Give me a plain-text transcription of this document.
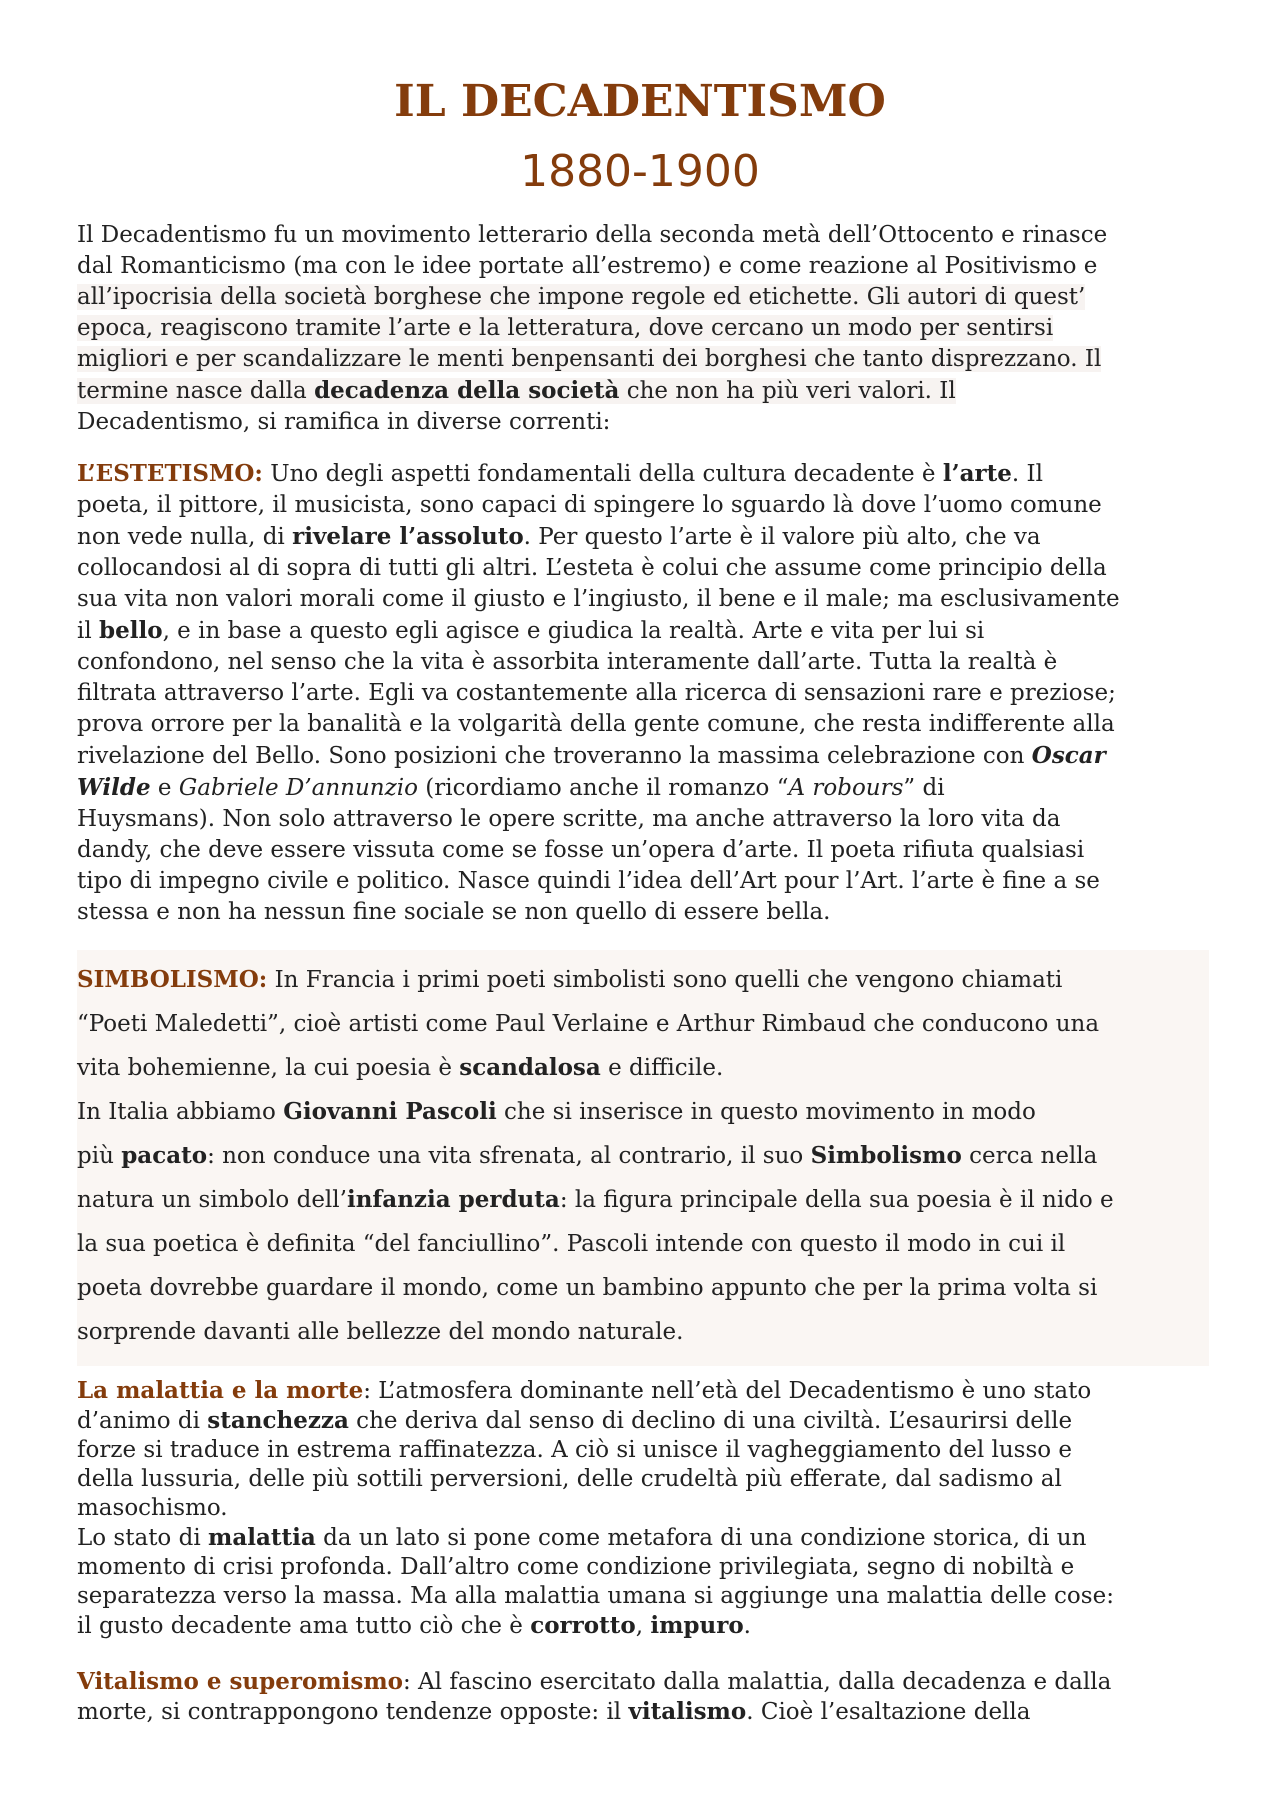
IL DECADENTISMO
1880-1900
Il Decadentismo fu un movimento letterario della seconda metà dell’Ottocento e rinasce
dal Romanticismo (ma con le idee portate all’estremo) e come reazione al Positivismo e
all’ipocrisia della società borghese che impone regole ed etichette. Gli autori di quest’
epoca, reagiscono tramite l’arte e la letteratura, dove cercano un modo per sentirsi
migliori e per scandalizzare le menti benpensanti dei borghesi che tanto disprezzano. Il
termine nasce dalla decadenza della società che non ha più veri valori. Il
Decadentismo, si ramifica in diverse correnti:
L’ESTETISMO: Uno degli aspetti fondamentali della cultura decadente è l’arte. Il
poeta, il pittore, il musicista, sono capaci di spingere lo sguardo là dove l’uomo comune
non vede nulla, di rivelare l’assoluto. Per questo l’arte è il valore più alto, che va
collocandosi al di sopra di tutti gli altri. L’esteta è colui che assume come principio della
sua vita non valori morali come il giusto e l’ingiusto, il bene e il male; ma esclusivamente
il bello, e in base a questo egli agisce e giudica la realtà. Arte e vita per lui si
confondono, nel senso che la vita è assorbita interamente dall’arte. Tutta la realtà è
filtrata attraverso l’arte. Egli va costantemente alla ricerca di sensazioni rare e preziose;
prova orrore per la banalità e la volgarità della gente comune, che resta indifferente alla
rivelazione del Bello. Sono posizioni che troveranno la massima celebrazione con Oscar
Wilde e Gabriele D’annunzio (ricordiamo anche il romanzo “A robours” di
Huysmans). Non solo attraverso le opere scritte, ma anche attraverso la loro vita da
dandy, che deve essere vissuta come se fosse un’opera d’arte. Il poeta rifiuta qualsiasi
tipo di impegno civile e politico. Nasce quindi l’idea dell’Art pour l’Art. l’arte è fine a se
stessa e non ha nessun fine sociale se non quello di essere bella.
SIMBOLISMO: In Francia i primi poeti simbolisti sono quelli che vengono chiamati
“Poeti Maledetti”, cioè artisti come Paul Verlaine e Arthur Rimbaud che conducono una
vita bohemienne, la cui poesia è scandalosa e difficile.
In Italia abbiamo Giovanni Pascoli che si inserisce in questo movimento in modo
più pacato: non conduce una vita sfrenata, al contrario, il suo Simbolismo cerca nella
natura un simbolo dell’infanzia perduta: la figura principale della sua poesia è il nido e
la sua poetica è definita “del fanciullino”. Pascoli intende con questo il modo in cui il
poeta dovrebbe guardare il mondo, come un bambino appunto che per la prima volta si
sorprende davanti alle bellezze del mondo naturale.
La malattia e la morte: L’atmosfera dominante nell’età del Decadentismo è uno stato
d’animo di stanchezza che deriva dal senso di declino di una civiltà. L’esaurirsi delle
forze si traduce in estrema raffinatezza. A ciò si unisce il vagheggiamento del lusso e
della lussuria, delle più sottili perversioni, delle crudeltà più efferate, dal sadismo al
masochismo.
Lo stato di malattia da un lato si pone come metafora di una condizione storica, di un
momento di crisi profonda. Dall’altro come condizione privilegiata, segno di nobiltà e
separatezza verso la massa. Ma alla malattia umana si aggiunge una malattia delle cose:
il gusto decadente ama tutto ciò che è corrotto, impuro.
Vitalismo e superomismo: Al fascino esercitato dalla malattia, dalla decadenza e dalla
morte, si contrappongono tendenze opposte: il vitalismo. Cioè l’esaltazione della
